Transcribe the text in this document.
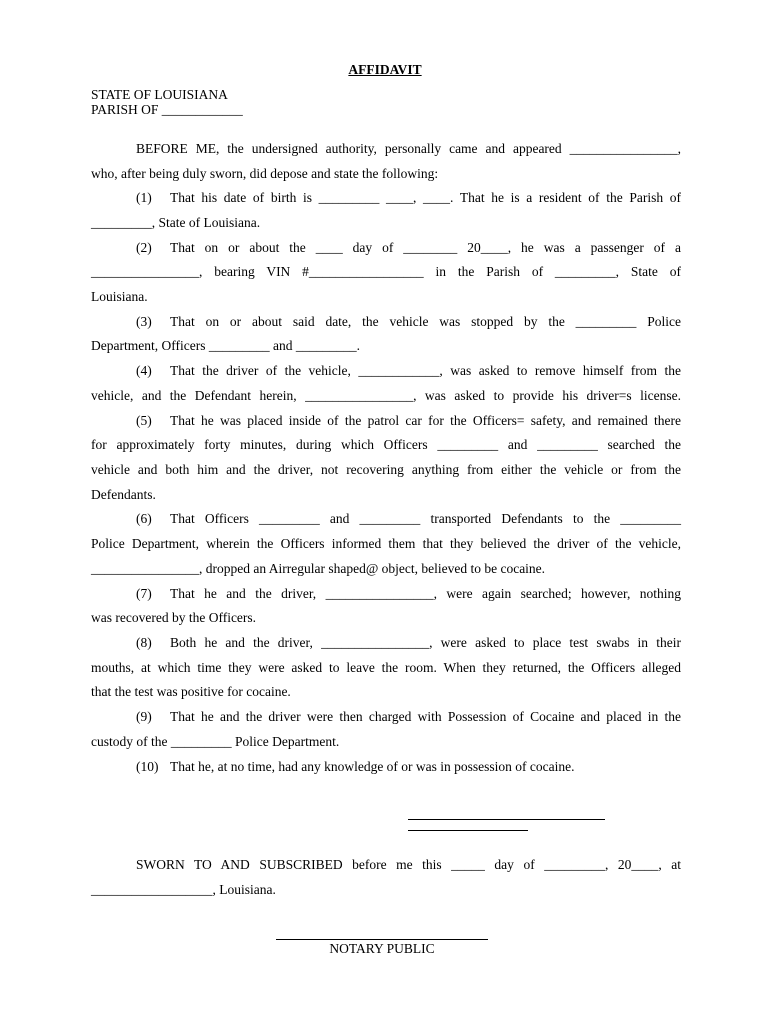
AFFIDAVIT
STATE OF LOUISIANA
PARISH OF ____________
BEFORE ME, the undersigned authority, personally came and appeared ________________,
who, after being duly sworn, did depose and state the following:
(1) That his date of birth is _________ ____, ____. That he is a resident of the Parish of
_________, State of Louisiana.
(2) That on or about the ____ day of ________ 20____, he was a passenger of a
________________, bearing VIN #_________________ in the Parish of _________, State of
Louisiana.
(3) That on or about said date, the vehicle was stopped by the _________ Police
Department, Officers _________ and _________.
(4) That the driver of the vehicle, ____________, was asked to remove himself from the
vehicle, and the Defendant herein, ________________, was asked to provide his driver=s license.
(5) That he was placed inside of the patrol car for the Officers= safety, and remained there
for approximately forty minutes, during which Officers _________ and _________ searched the
vehicle and both him and the driver, not recovering anything from either the vehicle or from the
Defendants.
(6) That Officers _________ and _________ transported Defendants to the _________
Police Department, wherein the Officers informed them that they believed the driver of the vehicle,
________________, dropped an Airregular shaped@ object, believed to be cocaine.
(7) That he and the driver, ________________, were again searched; however, nothing
was recovered by the Officers.
(8) Both he and the driver, ________________, were asked to place test swabs in their
mouths, at which time they were asked to leave the room. When they returned, the Officers alleged
that the test was positive for cocaine.
(9) That he and the driver were then charged with Possession of Cocaine and placed in the
custody of the _________ Police Department.
(10) That he, at no time, had any knowledge of or was in possession of cocaine.
SWORN TO AND SUBSCRIBED before me this _____ day of _________, 20____, at
__________________, Louisiana.
NOTARY PUBLIC
